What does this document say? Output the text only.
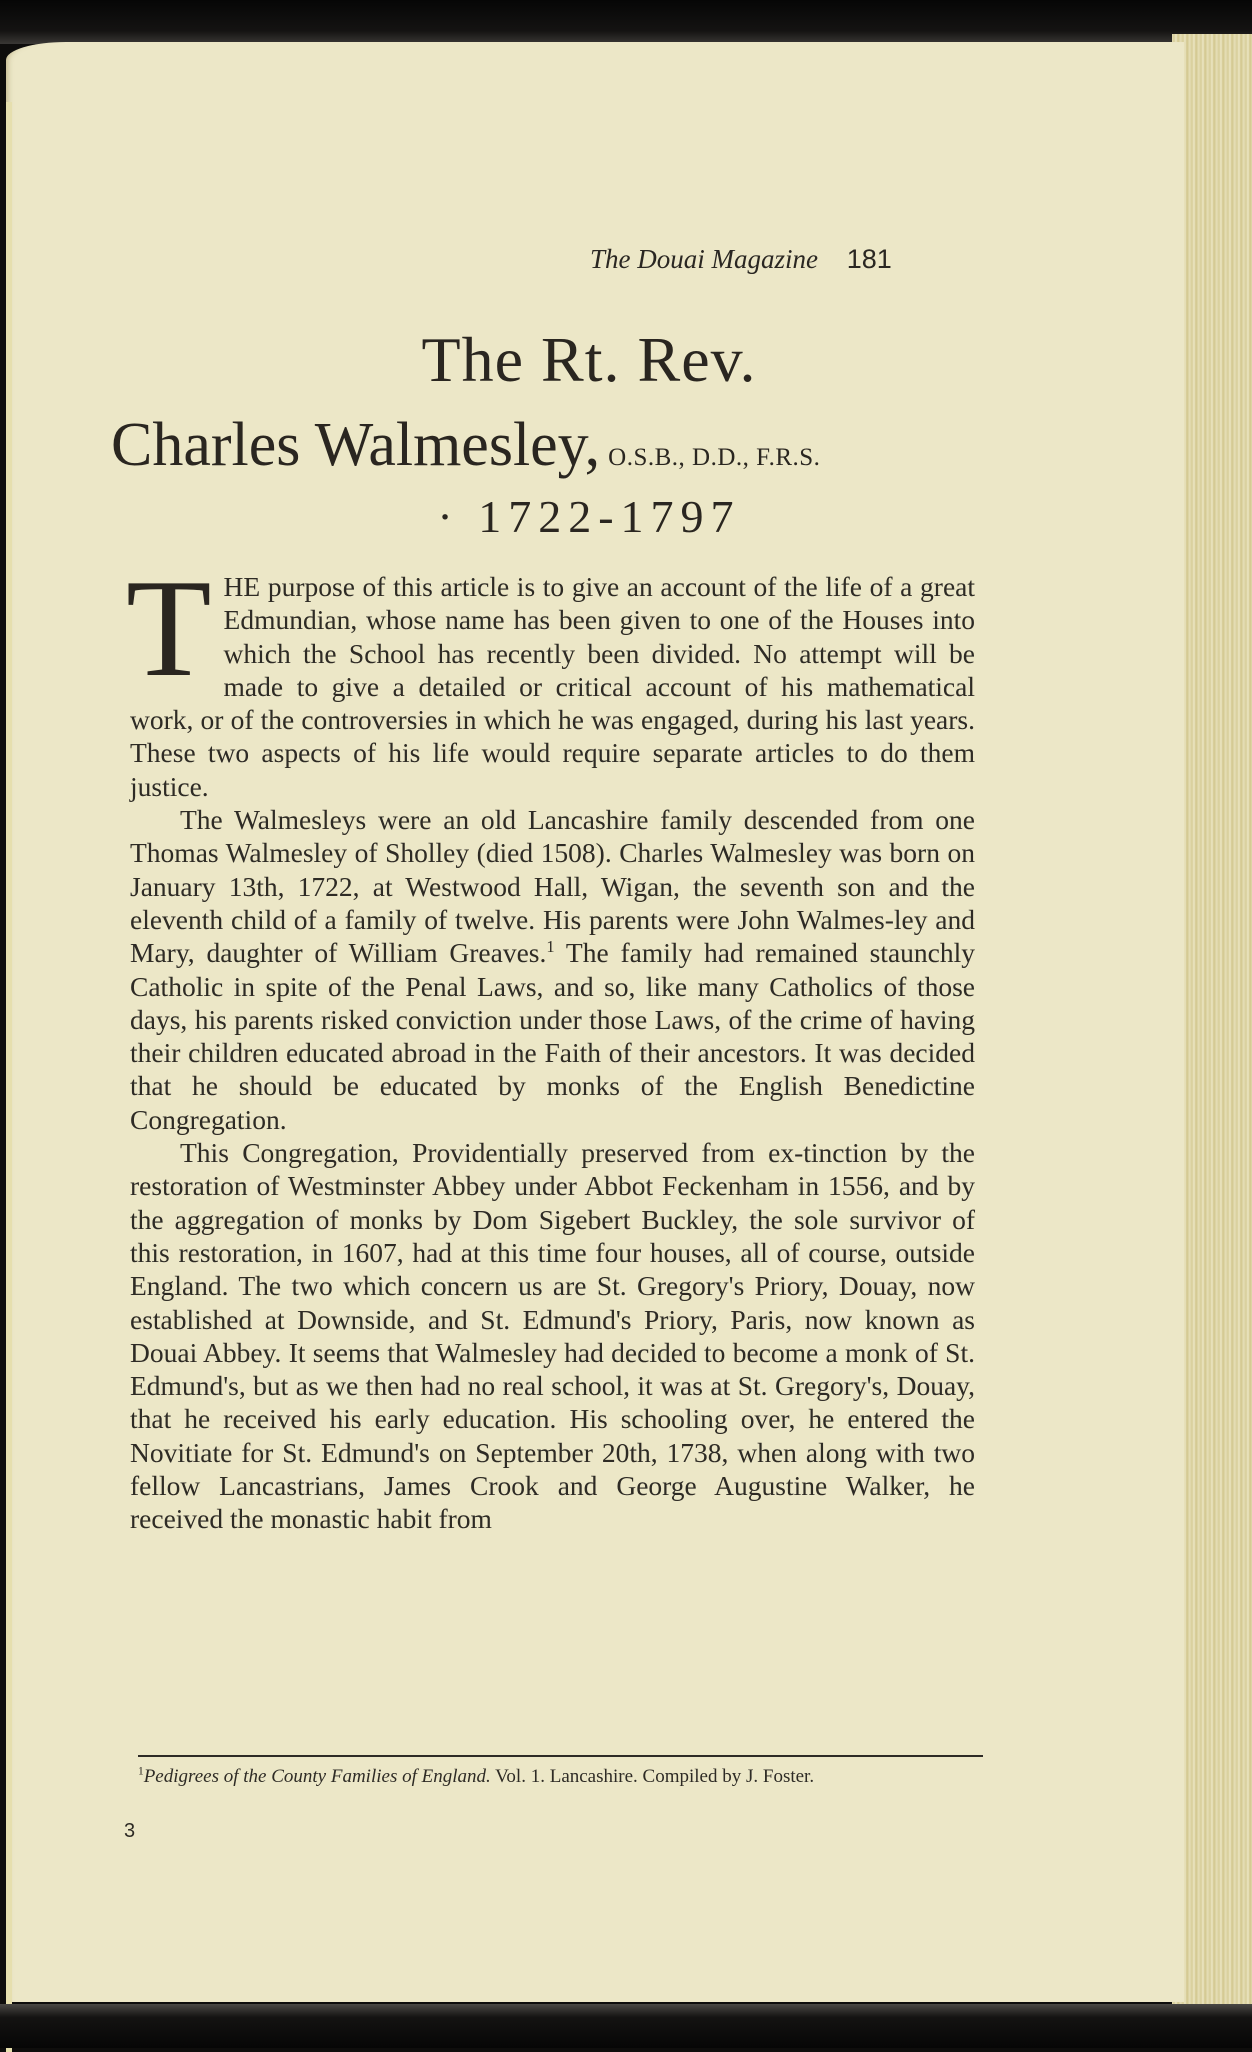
The Douai Magazine 181
The Rt. Rev.
Charles Walmesley, O.S.B., D.D., F.R.S.
· 1722-1797

THE purpose of this article is to give an account of the life of a great Edmundian, whose name has been given to one of the Houses into which the School has recently been divided. No attempt will be made to give a detailed or critical account of his mathematical work, or of the controversies in which he was engaged, during his last years. These two aspects of his life would require separate articles to do them justice.

The Walmesleys were an old Lancashire family descended from one Thomas Walmesley of Sholley (died 1508). Charles Walmesley was born on January 13th, 1722, at Westwood Hall, Wigan, the seventh son and the eleventh child of a family of twelve. His parents were John Walmes-ley and Mary, daughter of William Greaves.$^1$ The family had remained staunchly Catholic in spite of the Penal Laws, and so, like many Catholics of those days, his parents risked conviction under those Laws, of the crime of having their children educated abroad in the Faith of their ancestors. It was decided that he should be educated by monks of the English Benedictine Congregation.

This Congregation, Providentially preserved from ex-tinction by the restoration of Westminster Abbey under Abbot Feckenham in 1556, and by the aggregation of monks by Dom Sigebert Buckley, the sole survivor of this restoration, in 1607, had at this time four houses, all of course, outside England. The two which concern us are St. Gregory's Priory, Douay, now established at Downside, and St. Edmund's Priory, Paris, now known as Douai Abbey. It seems that Walmesley had decided to become a monk of St. Edmund's, but as we then had no real school, it was at St. Gregory's, Douay, that he received his early education. His schooling over, he entered the Novitiate for St. Edmund's on September 20th, 1738, when along with two fellow Lancastrians, James Crook and George Augustine Walker, he received the monastic habit from

$^1$Pedigrees of the County Families of England. Vol. 1. Lancashire. Compiled by J. Foster.
3
